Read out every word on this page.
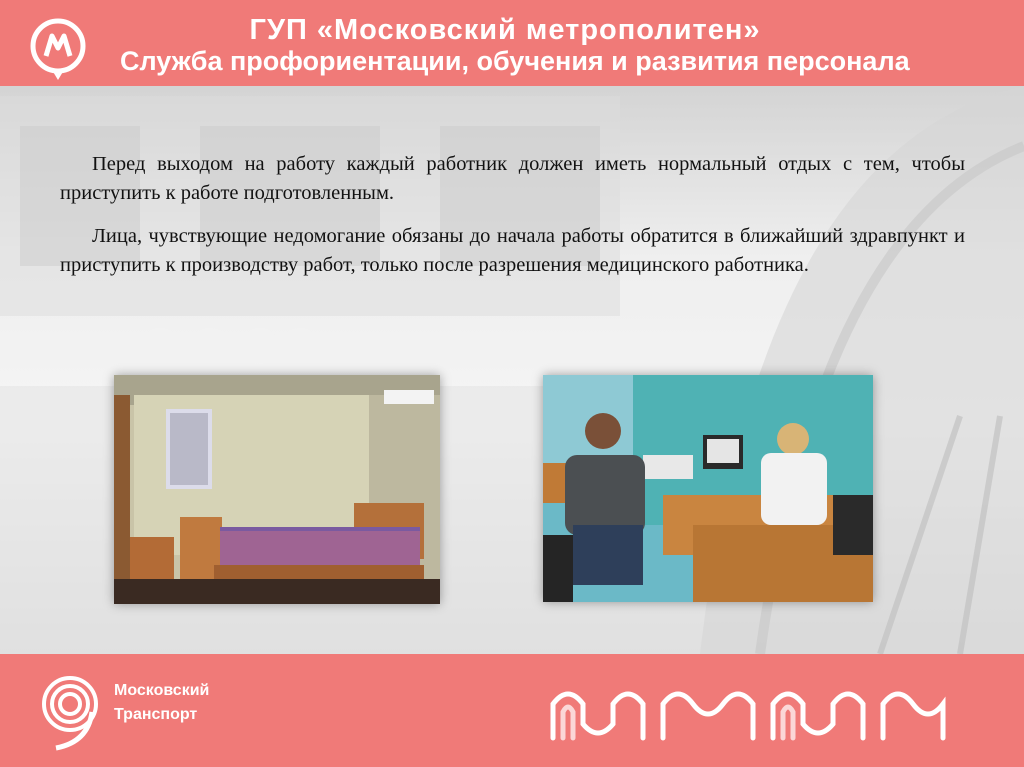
ГУП «Московский метрополитен»
Служба профориентации, обучения и развития персонала

Перед выходом на работу каждый работник должен иметь нормальный отдых с тем, чтобы приступить к работе подготовленным.

Лица, чувствующие недомогание обязаны до начала работы обратится в ближайший здравпункт и приступить к производству работ, только после разрешения медицинского работника.

Московский
Транспорт
